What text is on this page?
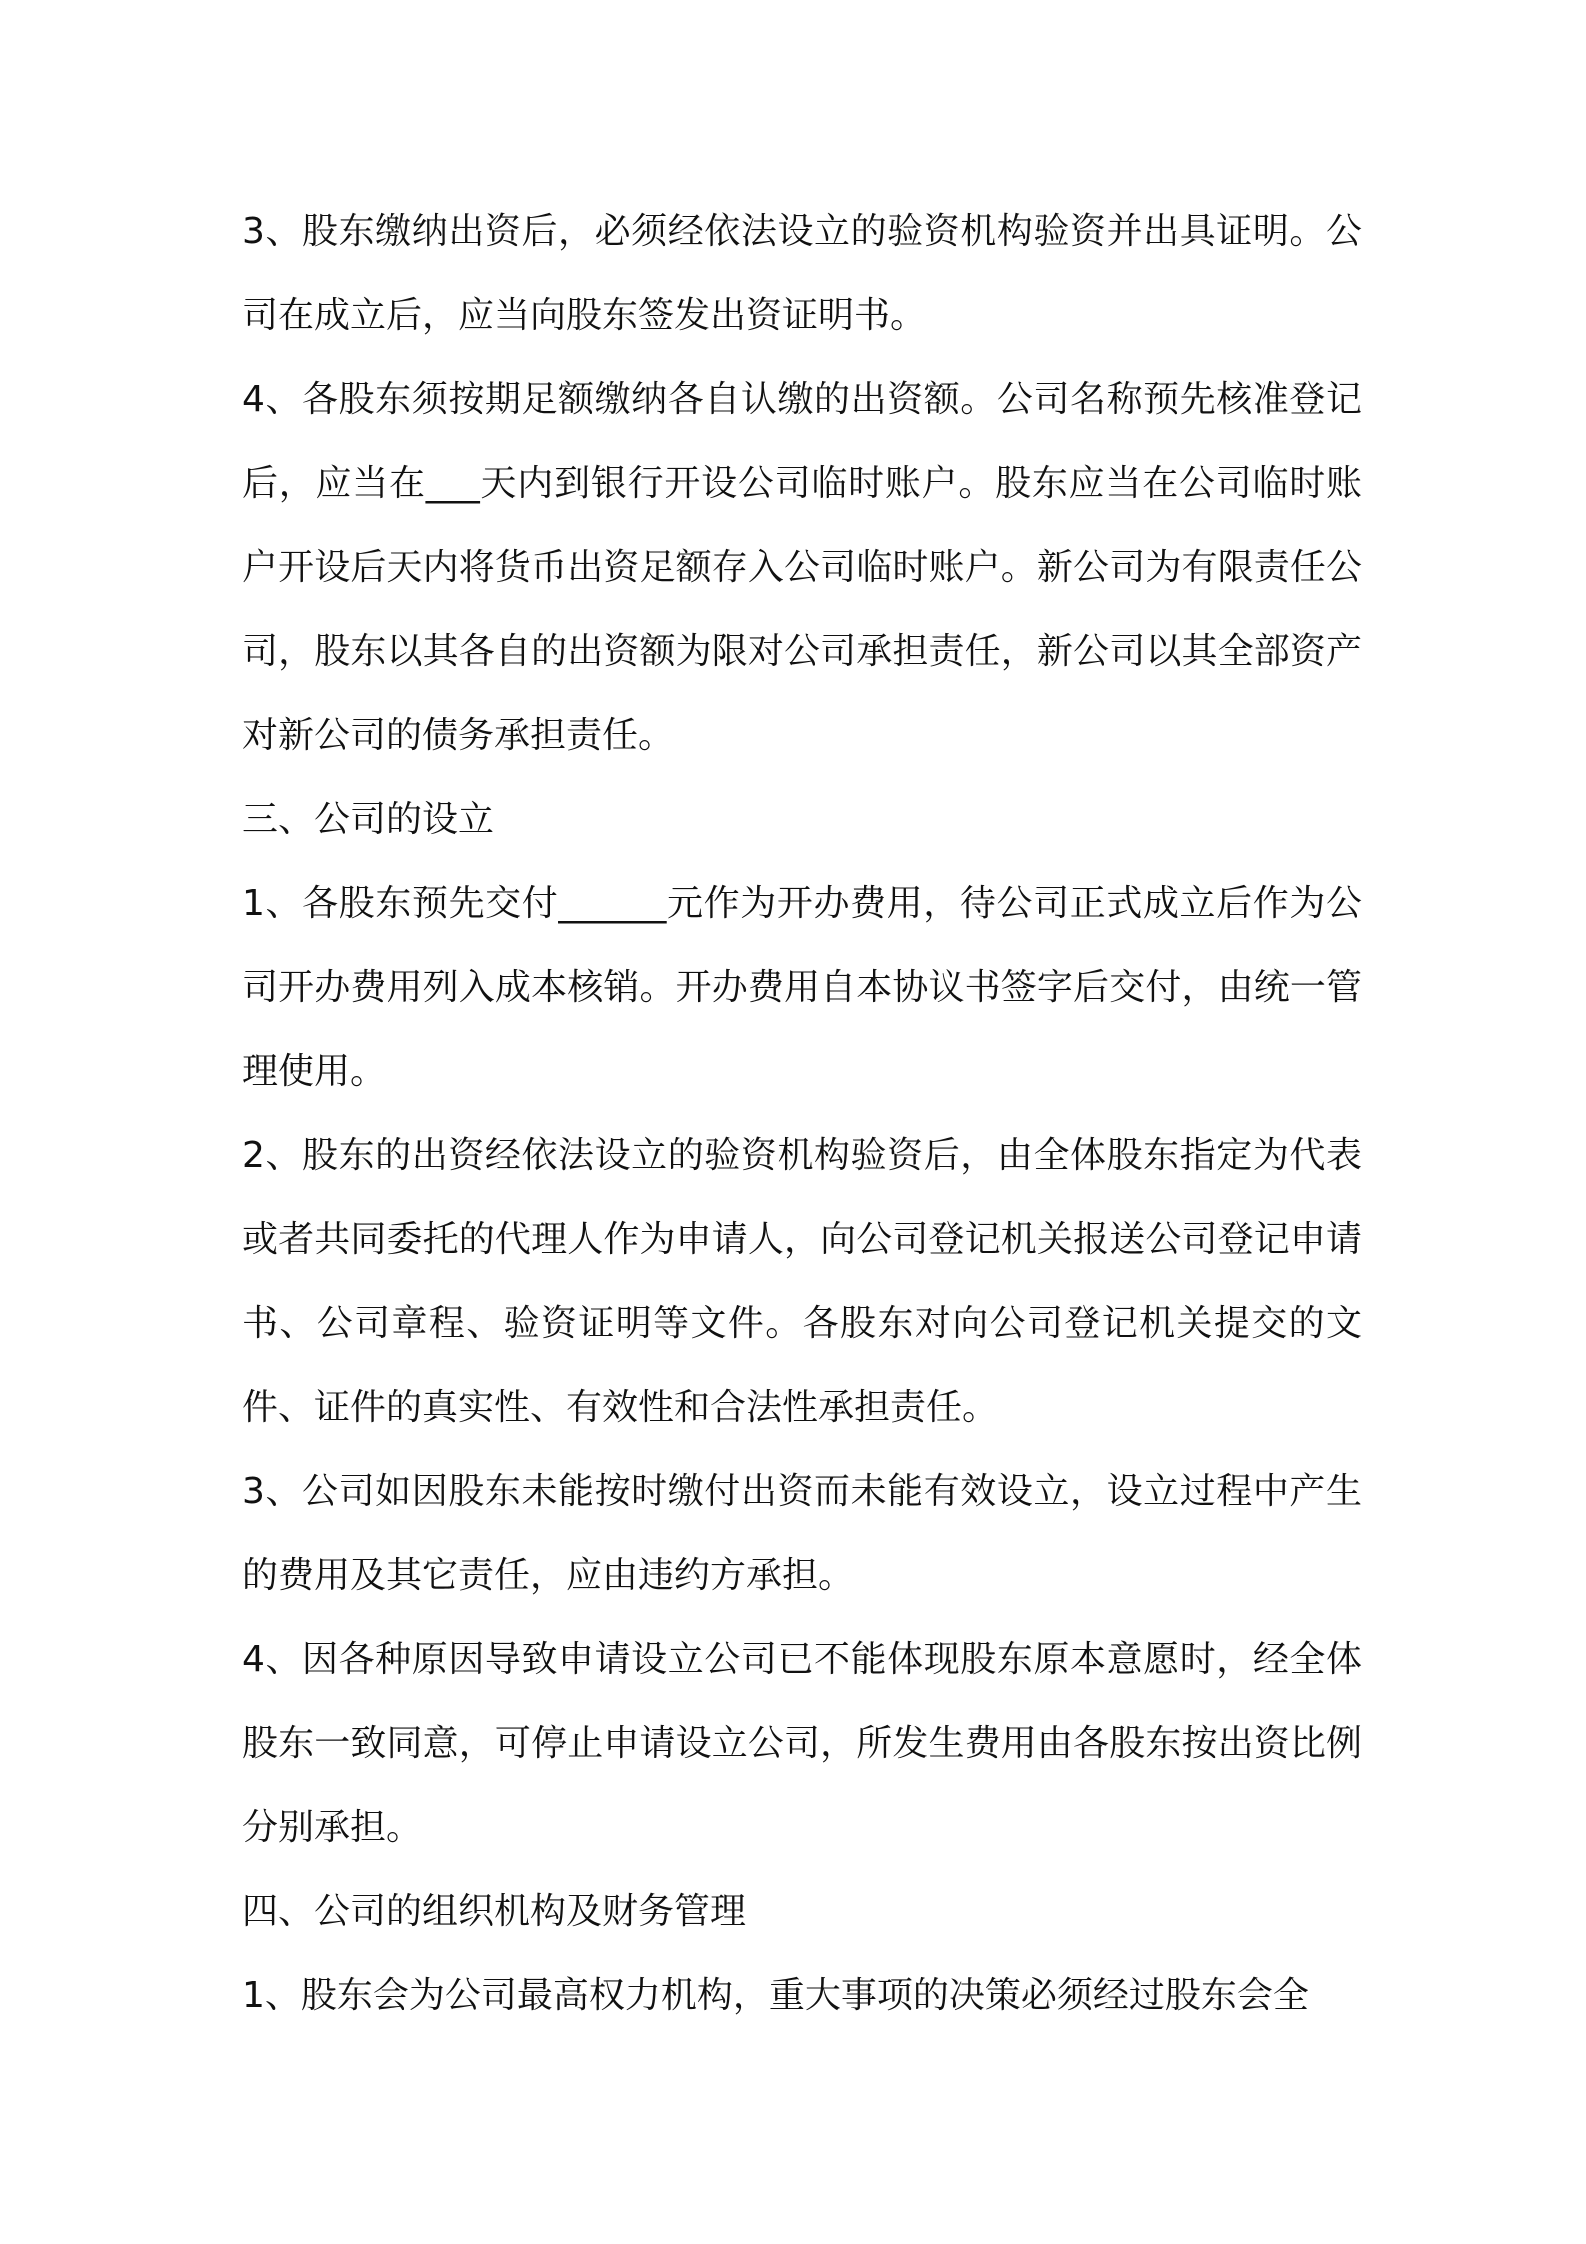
3、股东缴纳出资后，必须经依法设立的验资机构验资并出具证明。公司在成立后，应当向股东签发出资证明书。

4、各股东须按期足额缴纳各自认缴的出资额。公司名称预先核准登记后，应当在___天内到银行开设公司临时账户。股东应当在公司临时账户开设后天内将货币出资足额存入公司临时账户。新公司为有限责任公司，股东以其各自的出资额为限对公司承担责任，新公司以其全部资产对新公司的债务承担责任。

三、公司的设立

1、各股东预先交付______元作为开办费用，待公司正式成立后作为公司开办费用列入成本核销。开办费用自本协议书签字后交付，由统一管理使用。

2、股东的出资经依法设立的验资机构验资后，由全体股东指定为代表或者共同委托的代理人作为申请人，向公司登记机关报送公司登记申请书、公司章程、验资证明等文件。各股东对向公司登记机关提交的文件、证件的真实性、有效性和合法性承担责任。

3、公司如因股东未能按时缴付出资而未能有效设立，设立过程中产生的费用及其它责任，应由违约方承担。

4、因各种原因导致申请设立公司已不能体现股东原本意愿时，经全体股东一致同意，可停止申请设立公司，所发生费用由各股东按出资比例分别承担。

四、公司的组织机构及财务管理

1、股东会为公司最高权力机构，重大事项的决策必须经过股东会全
